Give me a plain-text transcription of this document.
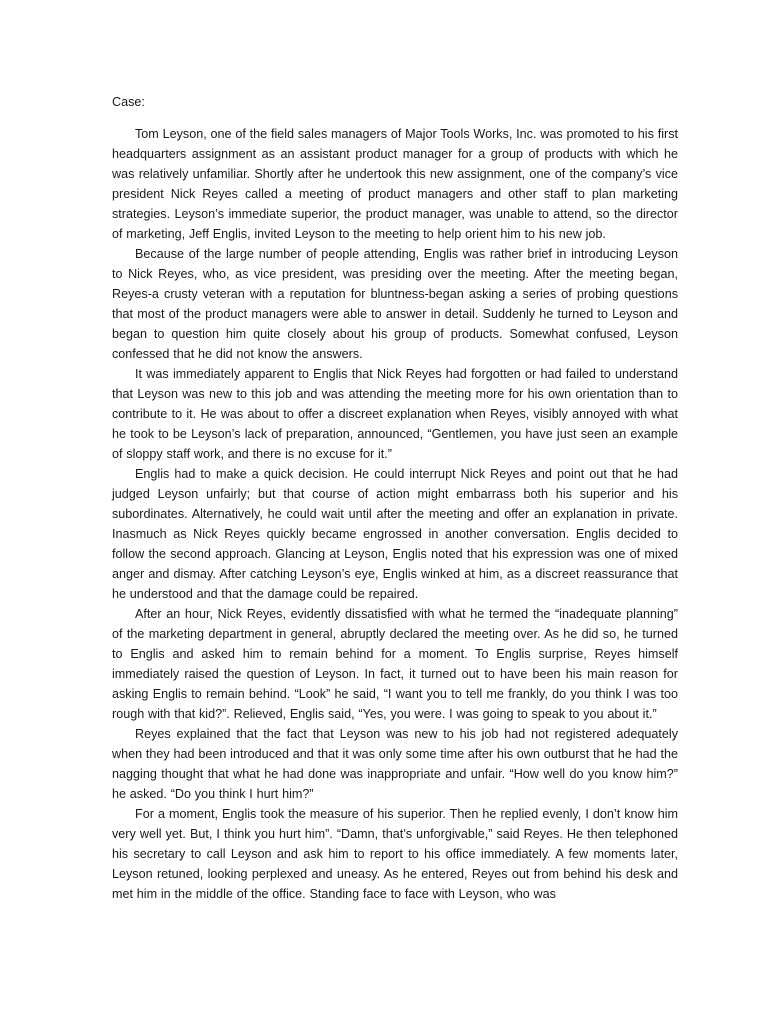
Case:

Tom Leyson, one of the field sales managers of Major Tools Works, Inc. was promoted to his first headquarters assignment as an assistant product manager for a group of products with which he was relatively unfamiliar. Shortly after he undertook this new assignment, one of the company’s vice president Nick Reyes called a meeting of product managers and other staff to plan marketing strategies. Leyson’s immediate superior, the product manager, was unable to attend, so the director of marketing, Jeff Englis, invited Leyson to the meeting to help orient him to his new job.

Because of the large number of people attending, Englis was rather brief in introducing Leyson to Nick Reyes, who, as vice president, was presiding over the meeting. After the meeting began, Reyes-a crusty veteran with a reputation for bluntness-began asking a series of probing questions that most of the product managers were able to answer in detail. Suddenly he turned to Leyson and began to question him quite closely about his group of products. Somewhat confused, Leyson confessed that he did not know the answers.

It was immediately apparent to Englis that Nick Reyes had forgotten or had failed to understand that Leyson was new to this job and was attending the meeting more for his own orientation than to contribute to it. He was about to offer a discreet explanation when Reyes, visibly annoyed with what he took to be Leyson’s lack of preparation, announced, “Gentlemen, you have just seen an example of sloppy staff work, and there is no excuse for it.”

Englis had to make a quick decision. He could interrupt Nick Reyes and point out that he had judged Leyson unfairly; but that course of action might embarrass both his superior and his subordinates. Alternatively, he could wait until after the meeting and offer an explanation in private. Inasmuch as Nick Reyes quickly became engrossed in another conversation. Englis decided to follow the second approach. Glancing at Leyson, Englis noted that his expression was one of mixed anger and dismay. After catching Leyson’s eye, Englis winked at him, as a discreet reassurance that he understood and that the damage could be repaired.

After an hour, Nick Reyes, evidently dissatisfied with what he termed the “inadequate planning” of the marketing department in general, abruptly declared the meeting over. As he did so, he turned to Englis and asked him to remain behind for a moment. To Englis surprise, Reyes himself immediately raised the question of Leyson. In fact, it turned out to have been his main reason for asking Englis to remain behind. “Look” he said, “I want you to tell me frankly, do you think I was too rough with that kid?”. Relieved, Englis said, “Yes, you were. I was going to speak to you about it.”

Reyes explained that the fact that Leyson was new to his job had not registered adequately when they had been introduced and that it was only some time after his own outburst that he had the nagging thought that what he had done was inappropriate and unfair. “How well do you know him?” he asked. “Do you think I hurt him?”

For a moment, Englis took the measure of his superior. Then he replied evenly, I don’t know him very well yet. But, I think you hurt him”. “Damn, that’s unforgivable,” said Reyes. He then telephoned his secretary to call Leyson and ask him to report to his office immediately. A few moments later, Leyson retuned, looking perplexed and uneasy. As he entered, Reyes out from behind his desk and met him in the middle of the office. Standing face to face with Leyson, who was
